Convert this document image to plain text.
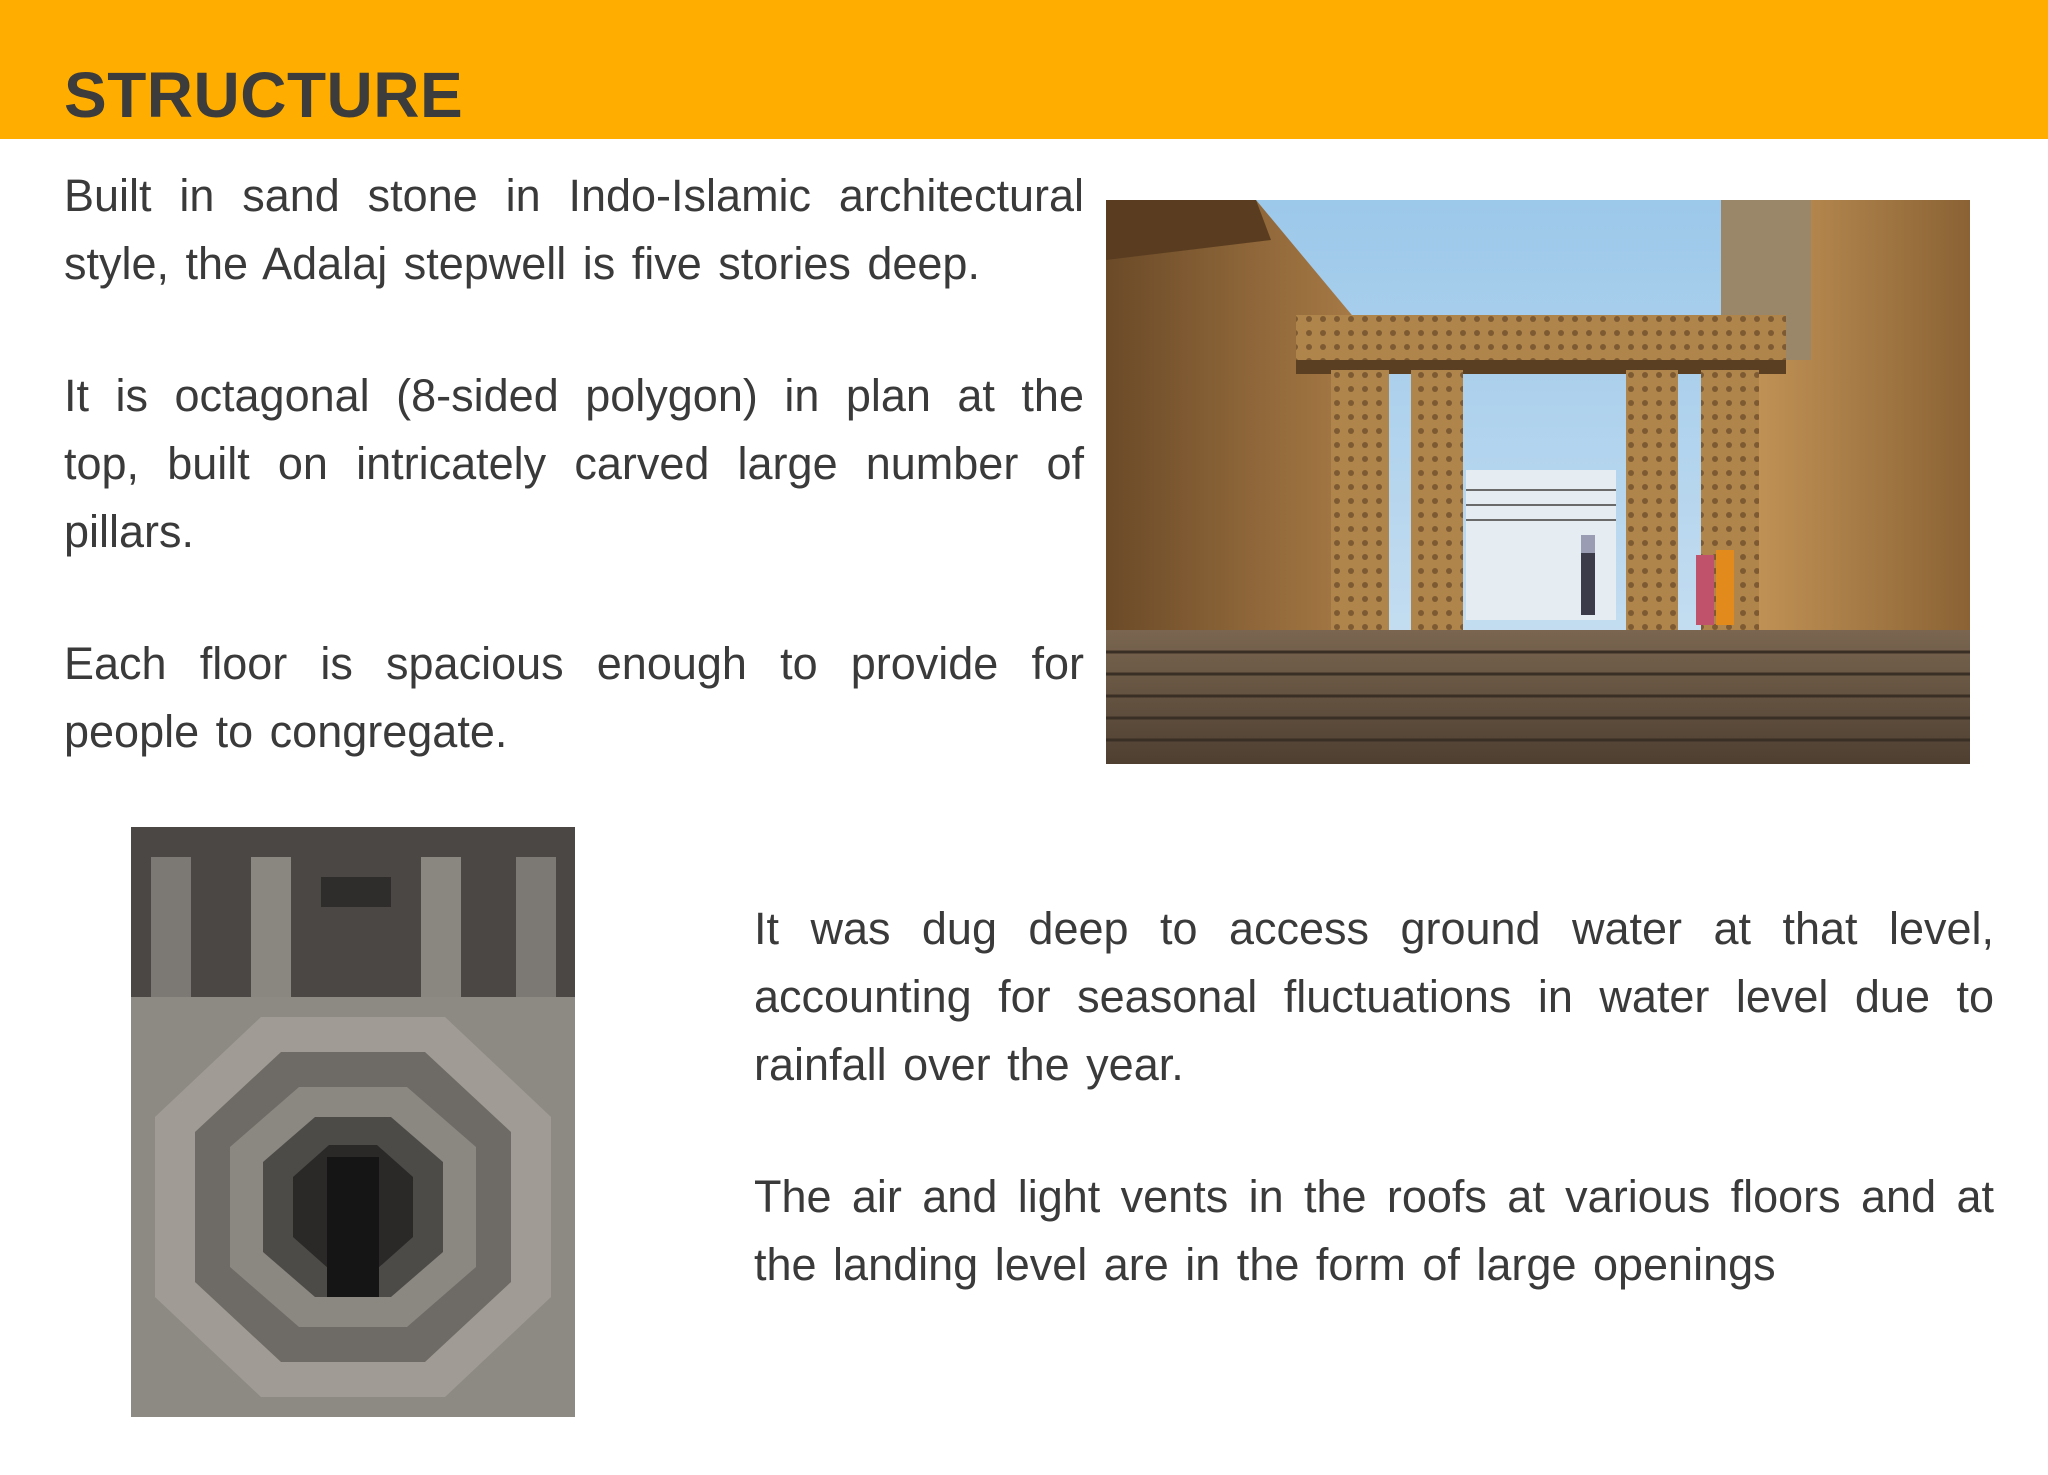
STRUCTURE

Built in sand stone in Indo-Islamic architectural style, the Adalaj stepwell is five stories deep.

It is octagonal (8-sided polygon) in plan at the top, built on intricately carved large number of pillars.

Each floor is spacious enough to provide for people to congregate.

It was dug deep to access ground water at that level, accounting for seasonal fluctuations in water level due to rainfall over the year.

The air and light vents in the roofs at various floors and at the landing level are in the form of large openings
